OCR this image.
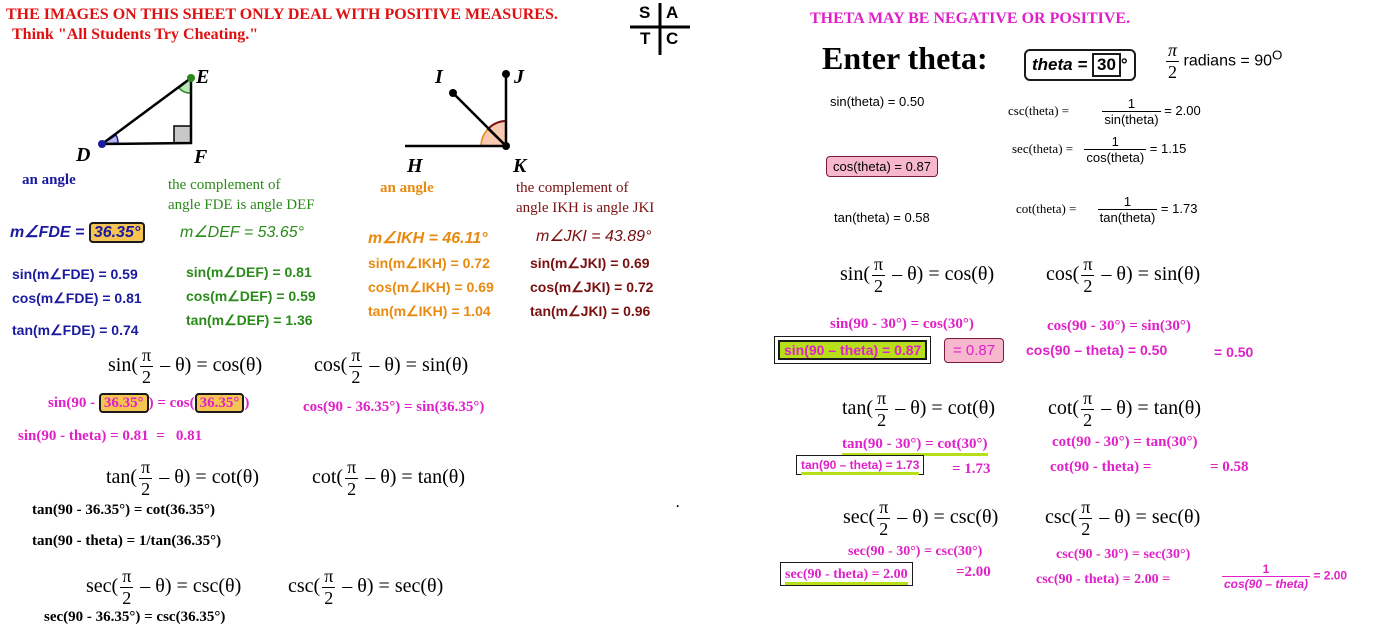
THE IMAGES ON THIS SHEET ONLY DEAL WITH POSITIVE MEASURES.
Think "All Students Try Cheating."
S A
T C
THETA MAY BE NEGATIVE OR POSITIVE.
E
D	F
I	J
H	K
an angle	the complement of
angle FDE is angle DEF
an angle	the complement of
angle IKH is angle JKI
m∠FDE = 36.35°	m∠DEF = 53.65°	m∠IKH = 46.11°	m∠JKI = 43.89°
sin(m∠FDE) = 0.59
cos(m∠FDE) = 0.81
tan(m∠FDE) = 0.74
sin(m∠DEF) = 0.81
cos(m∠DEF) = 0.59
tan(m∠DEF) = 1.36
sin(m∠IKH) = 0.72
cos(m∠IKH) = 0.69
tan(m∠IKH) = 1.04
sin(m∠JKI) = 0.69
cos(m∠JKI) = 0.72
tan(m∠JKI) = 0.96
$\sin( \frac{\pi}{2} - \theta) = \cos(\theta)$	$\cos( \frac{\pi}{2} - \theta) = \sin(\theta)$
sin(90 - 36.35° ) = cos( 36.35° )	cos(90 - 36.35°) = sin(36.35°)
sin(90 - theta) = 0.81  =   0.81
$\tan( \frac{\pi}{2} - \theta) = \cot(\theta)$	$\cot( \frac{\pi}{2} - \theta) = \tan(\theta)$
tan(90 - 36.35°) = cot(36.35°)
tan(90 - theta) = 1/tan(36.35°)
$\sec( \frac{\pi}{2} - \theta) = \csc(\theta)$ $\csc( \frac{\pi}{2} - \theta) = \sec(\theta)$
sec(90 - 36.35°) = csc(36.35°)
.
Enter theta:	theta = 30 °	$\frac{\pi}{2}$ radians = $90^O$
sin(theta) = 0.50
cos(theta) = 0.87
tan(theta) = 0.58
csc(theta) = $\frac{1}{\text{sin(theta)}} = 2.00$
sec(theta) = $\frac{1}{\text{cos(theta)}} = 1.15$
cot(theta) = $\frac{1}{\text{tan(theta)}} = 1.73$
$\sin( \frac{\pi}{2} - \theta) = \cos(\theta)$	$\cos( \frac{\pi}{2} - \theta) = \sin(\theta)$
sin(90 - 30°) = cos(30°)	cos(90 - 30°) = sin(30°)
sin(90 – theta) = 0.87	= 0.87	cos(90 – theta) = 0.50	= 0.50
$\tan( \frac{\pi}{2} - \theta) = \cot(\theta)$	$\cot( \frac{\pi}{2} - \theta) = \tan(\theta)$
tan(90 - 30°) = cot(30°)	cot(90 - 30°) = tan(30°)
tan(90 – theta) = 1.73	= 1.73	cot(90 - theta) =	= 0.58
$\sec( \frac{\pi}{2} - \theta) = \csc(\theta)$ $\csc( \frac{\pi}{2} - \theta) = \sec(\theta)$
sec(90 - 30°) = csc(30°)	csc(90 - 30°) = sec(30°)
sec(90 - theta) = 2.00	=2.00	csc(90 - theta) = 2.00 =	$\frac{1}{\text{cos(90 – theta)}} = 2.00$
